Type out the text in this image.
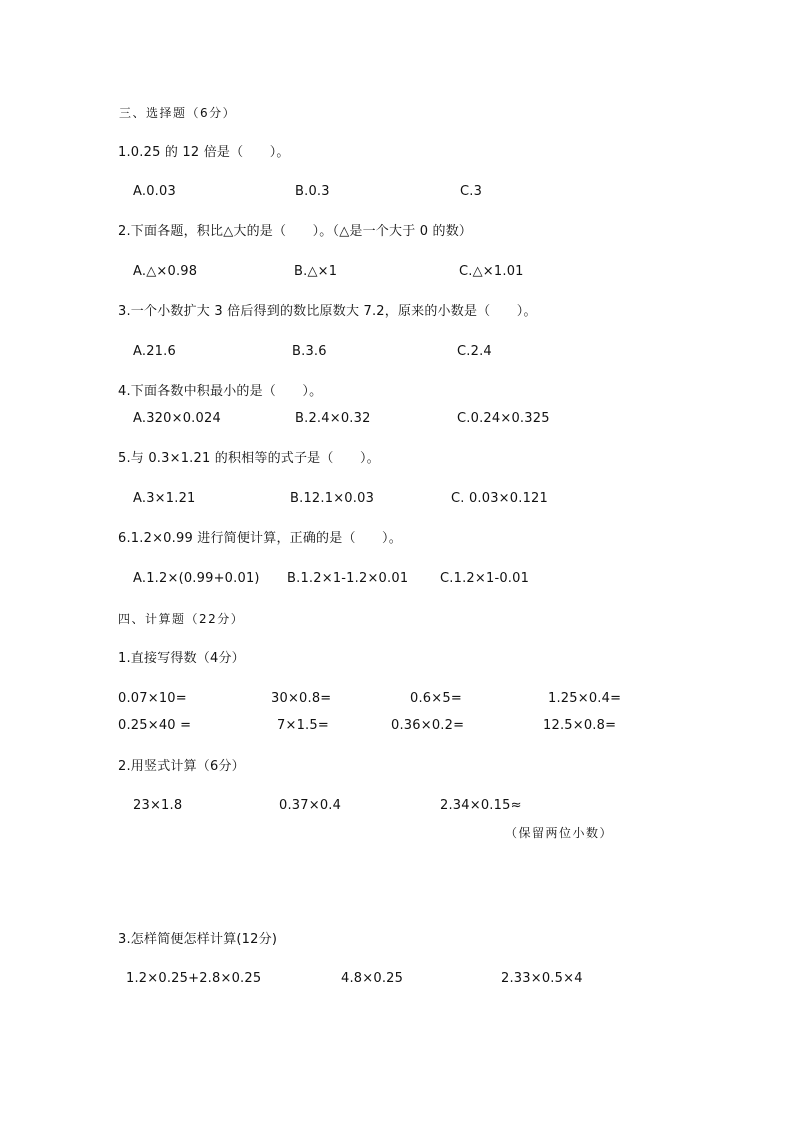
三、选择题（6分）
1.0.25 的 12 倍是（　　）。
A.0.03	B.0.3	C.3
2.下面各题，积比△大的是（　　）。（△是一个大于 0 的数）
A.△×0.98	B.△×1	C.△×1.01
3.一个小数扩大 3 倍后得到的数比原数大 7.2，原来的小数是（　　）。
A.21.6	B.3.6	C.2.4
4.下面各数中积最小的是（　　）。
A.320×0.024	B.2.4×0.32	C.0.24×0.325
5.与 0.3×1.21 的积相等的式子是（　　）。
A.3×1.21	B.12.1×0.03	C. 0.03×0.121
6.1.2×0.99 进行简便计算，正确的是（　　）。
A.1.2×(0.99+0.01) B.1.2×1-1.2×0.01 C.1.2×1-0.01
四、计算题（22分）
1.直接写得数（4分）
0.07×10=	30×0.8=	0.6×5=	1.25×0.4=
0.25×40 =	7×1.5=	0.36×0.2=	12.5×0.8=
2.用竖式计算（6分）
23×1.8	0.37×0.4	2.34×0.15≈
（保留两位小数）
3.怎样简便怎样计算(12分)
1.2×0.25+2.8×0.25	4.8×0.25	2.33×0.5×4
